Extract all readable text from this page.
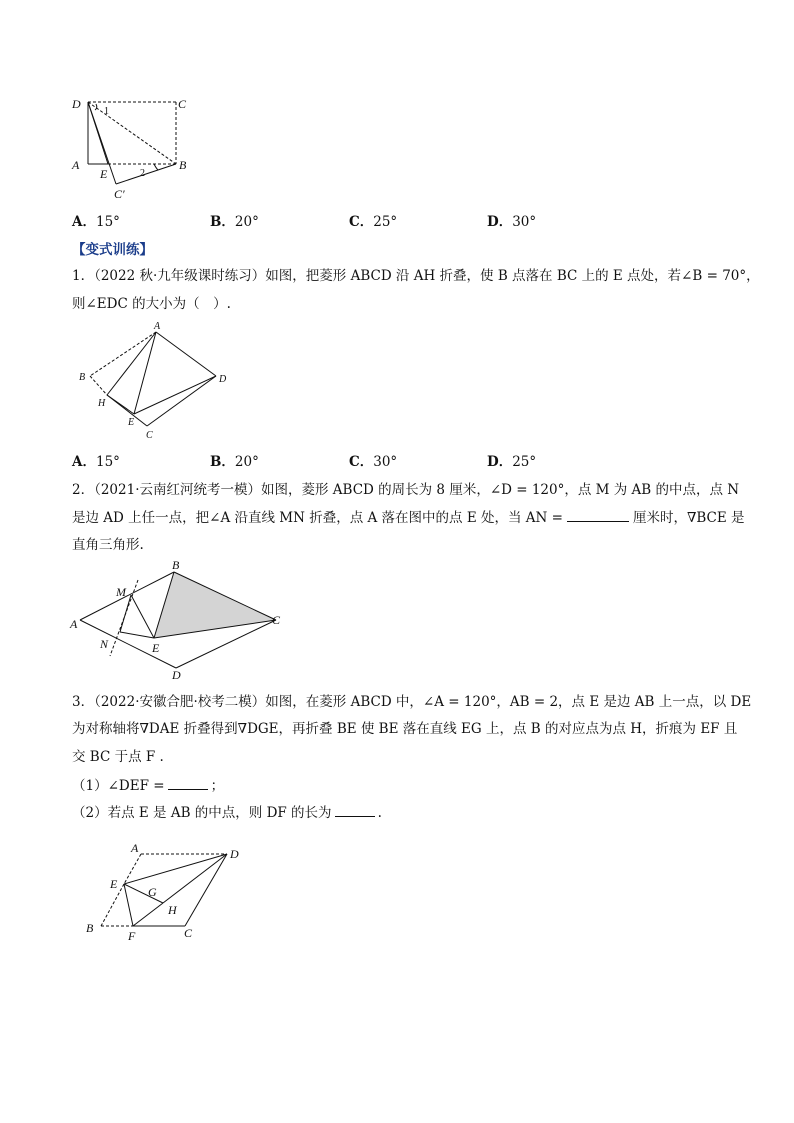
D	C
A	B
E
C′
1
2
A．15°	B．20°	C．25°	D．30°
【变式训练】
1．（2022 秋·九年级课时练习）如图，把菱形 ABCD 沿 AH 折叠，使 B 点落在 BC 上的 E 点处，若∠B = 70°，
则∠EDC 的大小为（　）.
A
B
H
E
C
D
A．15°	B．20°	C．30°	D．25°
2．（2021·云南红河统考一模）如图，菱形 ABCD 的周长为 8 厘米，∠D = 120°，点 M 为 AB 的中点，点 N
是边 AD 上任一点，把∠A 沿直线 MN 折叠，点 A 落在图中的点 E 处，当 AN =	厘米时，∇BCE 是
直角三角形.
B
A	C
D
M
N	E
3．（2022·安徽合肥·校考二模）如图，在菱形 ABCD 中，∠A = 120°，AB = 2，点 E 是边 AB 上一点，以 DE
为对称轴将∇DAE 折叠得到∇DGE，再折叠 BE 使 BE 落在直线 EG 上，点 B 的对应点为点 H，折痕为 EF 且
交 BC 于点 F .
（1）∠DEF =	；
（2）若点 E 是 AB 的中点，则 DF 的长为	.
A	D
E
G
H
B
F	C
